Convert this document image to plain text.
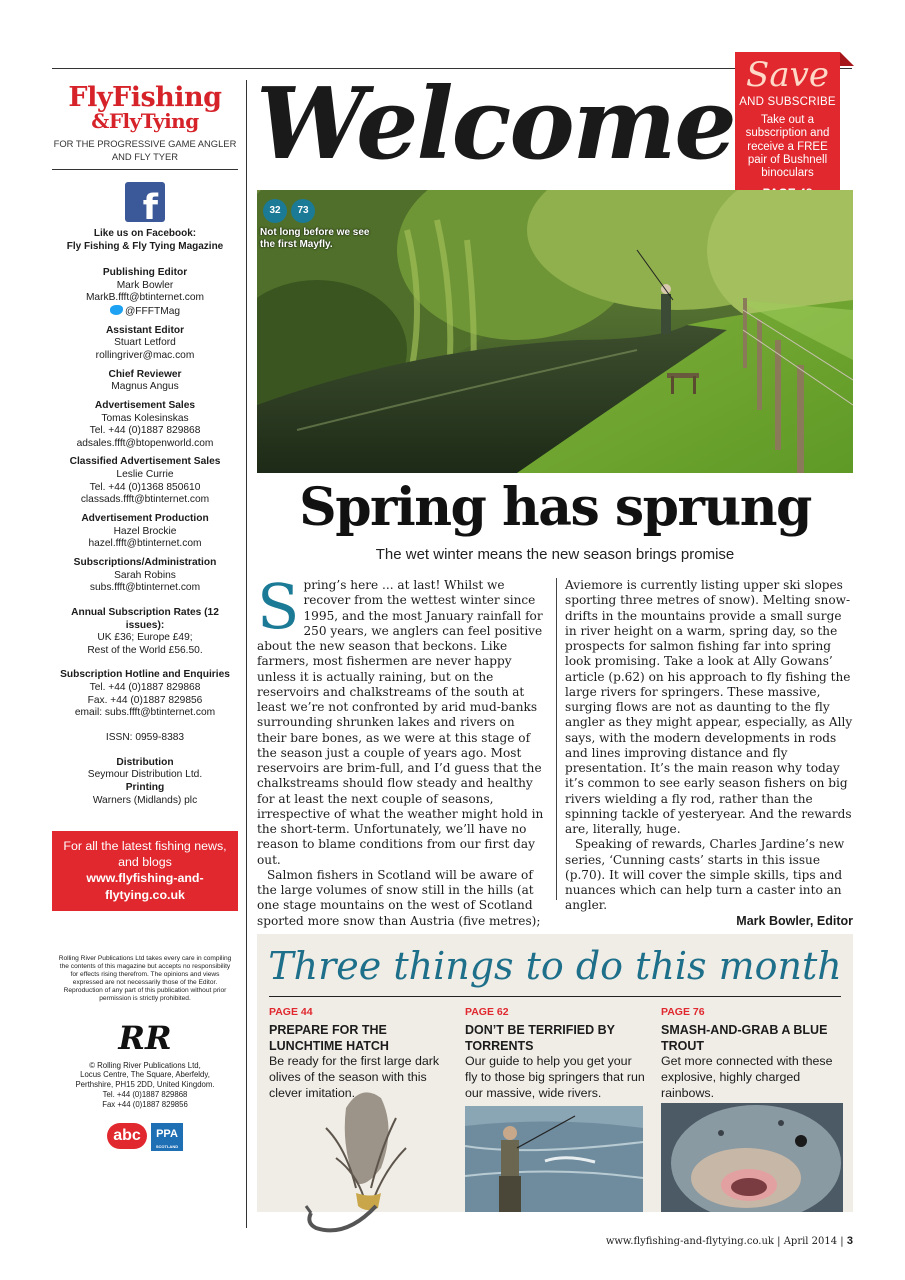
FlyFishing
&FlyTying
FOR THE PROGRESSIVE GAME ANGLER AND FLY TYER
f
Like us on Facebook:
Fly Fishing & Fly Tying Magazine
Publishing Editor
Mark Bowler
MarkB.ffft@btinternet.com
@FFFTMag
Assistant Editor
Stuart Letford
rollingriver@mac.com
Chief Reviewer
Magnus Angus
Advertisement Sales
Tomas Kolesinskas
Tel. +44 (0)1887 829868
adsales.ffft@btopenworld.com
Classified Advertisement Sales
Leslie Currie
Tel. +44 (0)1368 850610
classads.ffft@btinternet.com
Advertisement Production
Hazel Brockie
hazel.ffft@btinternet.com
Subscriptions/Administration
Sarah Robins
subs.ffft@btinternet.com
Annual Subscription Rates (12 issues):
UK £36; Europe £49;
Rest of the World £56.50.
Subscription Hotline and Enquiries
Tel. +44 (0)1887 829868
Fax. +44 (0)1887 829856
email: subs.ffft@btinternet.com
ISSN: 0959-8383
Distribution
Seymour Distribution Ltd.
Printing
Warners (Midlands) plc
For all the latest fishing news, and blogs
www.flyfishing-and-flytying.co.uk
Rolling River Publications Ltd takes every care in compiling the contents of this magazine but accepts no responsibility for effects rising therefrom. The opinions and views expressed are not necessarily those of the Editor. Reproduction of any part of this publication without prior permission is strictly prohibited.
RR
© Rolling River Publications Ltd,
Locus Centre, The Square, Aberfeldy,
Perthshire, PH15 2DD, United Kingdom.
Tel. +44 (0)1887 829868
Fax +44 (0)1887 829856
abc	PPA
SCOTLAND
Welcome Save
AND SUBSCRIBE
Take out a subscription and receive a FREE pair of Bushnell binoculars
32	73
Not long before we see the first Mayfly.
Spring has sprung
The wet winter means the new season brings promise

Spring’s here ... at last! Whilst we recover from the wettest winter since 1995, and the most January rainfall for 250 years, we anglers can feel positive about the new season that beckons. Like farmers, most fishermen are never happy unless it is actually raining, but on the reservoirs and chalkstreams of the south at least we’re not confronted by arid mud-banks surrounding shrunken lakes and rivers on their bare bones, as we were at this stage of the season just a couple of years ago. Most reservoirs are brim-full, and I’d guess that the chalkstreams should flow steady and healthy for at least the next couple of seasons, irrespective of what the weather might hold in the short-term. Unfortunately, we’ll have no reason to blame conditions from our first day out.

Salmon fishers in Scotland will be aware of the large volumes of snow still in the hills (at one stage mountains on the west of Scotland sported more snow than Austria (five metres);

Aviemore is currently listing upper ski slopes sporting three metres of snow). Melting snow-drifts in the mountains provide a small surge in river height on a warm, spring day, so the prospects for salmon fishing far into spring look promising. Take a look at Ally Gowans’ article (p.62) on his approach to fly fishing the large rivers for springers. These massive, surging flows are not as daunting to the fly angler as they might appear, especially, as Ally says, with the modern developments in rods and lines improving distance and fly presentation. It’s the main reason why today it’s common to see early season fishers on big rivers wielding a fly rod, rather than the spinning tackle of yesteryear. And the rewards are, literally, huge.

Speaking of rewards, Charles Jardine’s new series, ‘Cunning casts’ starts in this issue (p.70). It will cover the simple skills, tips and nuances which can help turn a caster into an angler.

Mark Bowler, Editor

Three things to do this month
PAGE 44
PREPARE FOR THE LUNCHTIME HATCH
Be ready for the first large dark olives of the season with this clever imitation.
PAGE 62
DON’T BE TERRIFIED BY TORRENTS
Our guide to help you get your fly to those big springers that run our massive, wide rivers.
PAGE 76
SMASH-AND-GRAB A BLUE TROUT
Get more connected with these explosive, highly charged rainbows.
www.flyfishing-and-flytying.co.uk | April 2014 | 3
